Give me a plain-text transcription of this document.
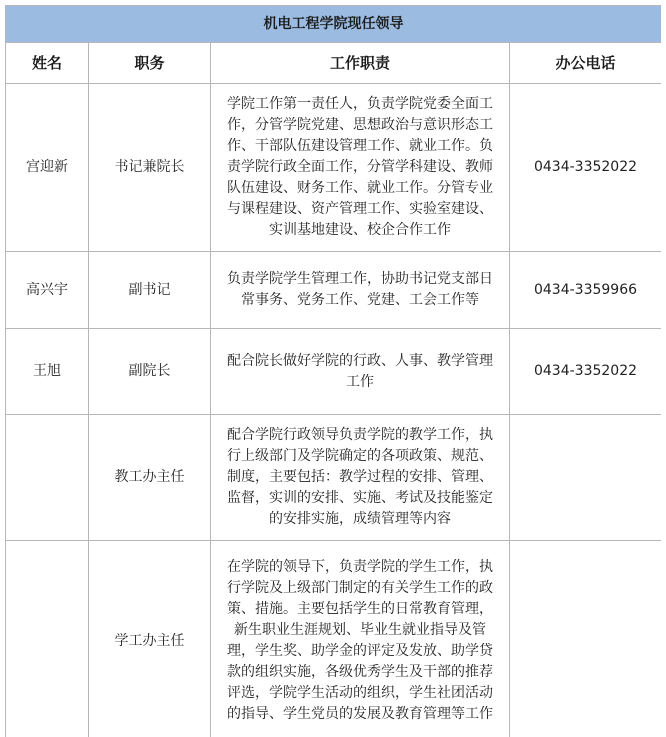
机电工程学院现任领导			
姓名	职务	工作职责	办公电话
宫迎新	书记兼院长	学院工作第一责任人，负责学院党委全面工作，分管学院党建、思想政治与意识形态工作、干部队伍建设管理工作、就业工作。负责学院行政全面工作，分管学科建设、教师队伍建设、财务工作、就业工作。分管专业与课程建设、资产管理工作、实验室建设、实训基地建设、校企合作工作	0434-3352022
高兴宇	副书记	负责学院学生管理工作，协助书记党支部日常事务、党务工作、党建、工会工作等	0434-3359966
王旭	副院长	配合院长做好学院的行政、人事、教学管理工作	0434-3352022
	教工办主任	配合学院行政领导负责学院的教学工作，执行上级部门及学院确定的各项政策、规范、制度，主要包括：教学过程的安排、管理、监督，实训的安排、实施、考试及技能鉴定的安排实施，成绩管理等内容	
	学工办主任	在学院的领导下，负责学院的学生工作，执行学院及上级部门制定的有关学生工作的政策、措施。主要包括学生的日常教育管理，新生职业生涯规划、毕业生就业指导及管理，学生奖、助学金的评定及发放、助学贷款的组织实施，各级优秀学生及干部的推荐评选，学院学生活动的组织，学生社团活动的指导、学生党员的发展及教育管理等工作	
